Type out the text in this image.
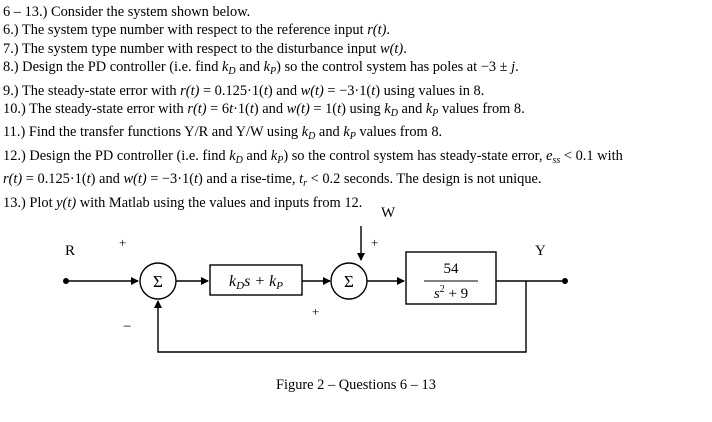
6 – 13.) Consider the system shown below.
6.) The system type number with respect to the reference input r(t).
7.) The system type number with respect to the disturbance input w(t).
8.) Design the PD controller (i.e. find $k_D$ and $k_P$) so the control system has poles at −3 ± j.
9.) The steady-state error with r(t) = 0.125·1(t) and w(t) = −3·1(t) using values in 8.
10.) The steady-state error with r(t) = 6t·1(t) and w(t) = 1(t) using $k_D$ and $k_P$ values from 8.
11.) Find the transfer functions Y/R and Y/W using $k_D$ and $k_P$ values from 8.
12.) Design the PD controller (i.e. find $k_D$ and $k_P$) so the control system has steady-state error, $e_{ss} < 0.1$ with
r(t) = 0.125·1(t) and w(t) = −3·1(t) and a rise-time, $t_r < 0.2$ seconds. The design is not unique.
13.) Plot y(t) with Matlab using the values and inputs from 12.
R
+
−
W
+
+
Y
Σ	kDs + kP	Σ
54
$s^2 + 9$
Figure 2 – Questions 6 – 13
